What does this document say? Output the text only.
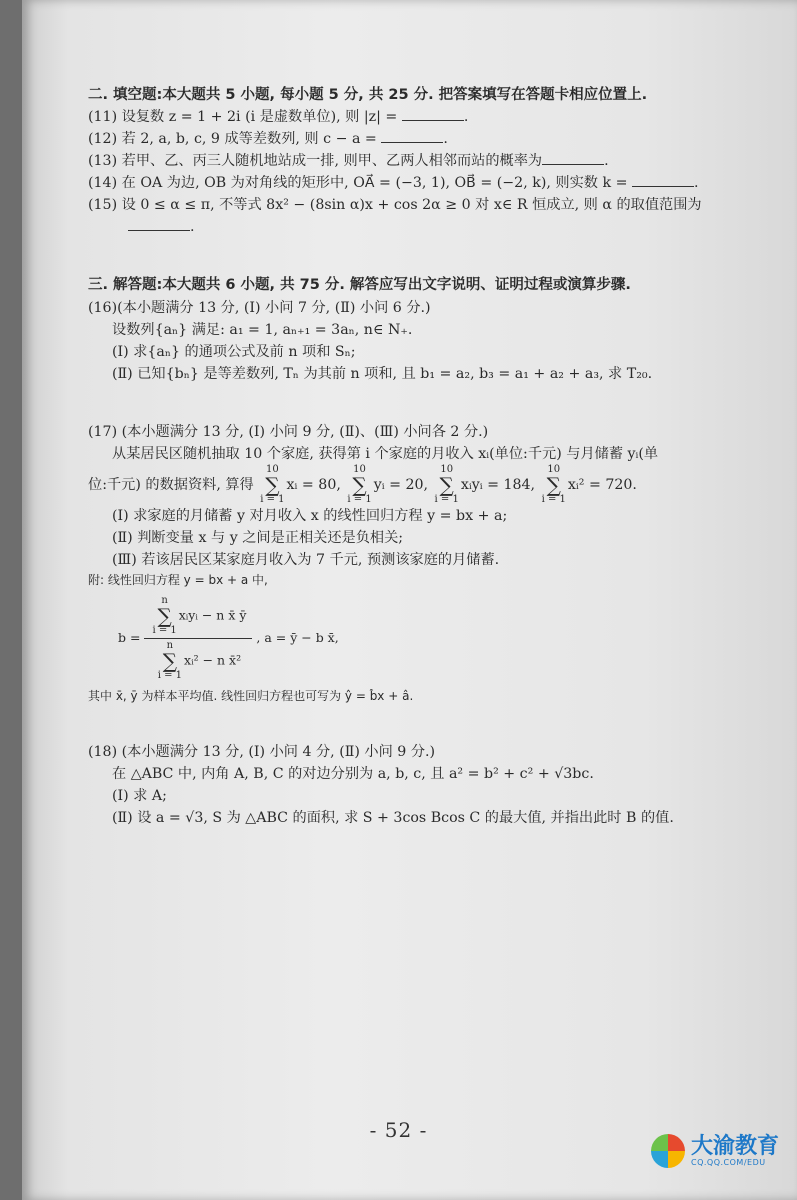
二. 填空题:本大题共 5 小题, 每小题 5 分, 共 25 分. 把答案填写在答题卡相应位置上.

(11) 设复数 z = 1 + 2i (i 是虚数单位), 则 |z| =	.

(12) 若 2, a, b, c, 9 成等差数列, 则 c − a =	.

(13) 若甲、乙、丙三人随机地站成一排, 则甲、乙两人相邻而站的概率为	.

(14) 在 OA 为边, OB 为对角线的矩形中, OA⃗ = (−3, 1), OB⃗ = (−2, k), 则实数 k =	.

(15) 设 0 ≤ α ≤ π, 不等式 8x² − (8sin α)x + cos 2α ≥ 0 对 x∈ R 恒成立, 则 α 的取值范围为

.

三. 解答题:本大题共 6 小题, 共 75 分. 解答应写出文字说明、证明过程或演算步骤.

(16)(本小题满分 13 分, (Ⅰ) 小问 7 分, (Ⅱ) 小问 6 分.)

设数列{aₙ} 满足: a₁ = 1, aₙ₊₁ = 3aₙ, n∈ N₊.

(Ⅰ) 求{aₙ} 的通项公式及前 n 项和 Sₙ;

(Ⅱ) 已知{bₙ} 是等差数列, Tₙ 为其前 n 项和, 且 b₁ = a₂, b₃ = a₁ + a₂ + a₃, 求 T₂₀.

(17) (本小题满分 13 分, (Ⅰ) 小问 9 分, (Ⅱ)、(Ⅲ) 小问各 2 分.)

从某居民区随机抽取 10 个家庭, 获得第 i 个家庭的月收入 xᵢ(单位:千元) 与月储蓄 yᵢ(单

位:千元) 的数据资料, 算得 10
∑
i = 1xᵢ = 80, 10
∑
i = 1yᵢ = 20, 10
∑
i = 1xᵢyᵢ = 184, 10
∑
i = 1xᵢ² = 720.

(Ⅰ) 求家庭的月储蓄 y 对月收入 x 的线性回归方程 y = bx + a;

(Ⅱ) 判断变量 x 与 y 之间是正相关还是负相关;

(Ⅲ) 若该居民区某家庭月收入为 7 千元, 预测该家庭的月储蓄.

附: 线性回归方程 y = bx + a 中,

b = n
∑
i = 1xᵢyᵢ − n x̄ ȳ
n
∑
i = 1xᵢ² − n x̄² , a = ȳ − b x̄,

其中 x̄, ȳ 为样本平均值. 线性回归方程也可写为 ŷ = b̂x + â.

(18) (本小题满分 13 分, (Ⅰ) 小问 4 分, (Ⅱ) 小问 9 分.)

在 △ABC 中, 内角 A, B, C 的对边分别为 a, b, c, 且 a² = b² + c² + √3bc.

(Ⅰ) 求 A;

(Ⅱ) 设 a = √3, S 为 △ABC 的面积, 求 S + 3cos Bcos C 的最大值, 并指出此时 B 的值.

- 52 -
大渝教育
CQ.QQ.COM/EDU
